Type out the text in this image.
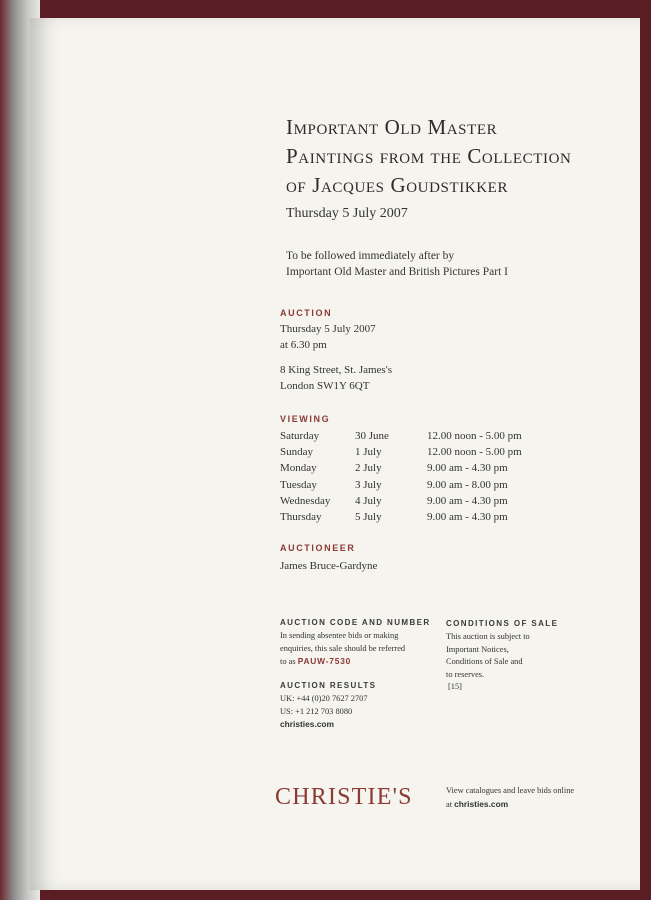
Important Old Master
Paintings from the Collection
of Jacques Goudstikker
Thursday 5 July 2007
To be followed immediately after by
Important Old Master and British Pictures Part I
AUCTION
Thursday 5 July 2007
at 6.30 pm
8 King Street, St. James's
London SW1Y 6QT
VIEWING
Saturday	30 June	12.00 noon - 5.00 pm
Sunday	1 July	12.00 noon - 5.00 pm
Monday	2 July	9.00 am - 4.30 pm
Tuesday	3 July	9.00 am - 8.00 pm
Wednesday	4 July	9.00 am - 4.30 pm
Thursday	5 July	9.00 am - 4.30 pm
AUCTIONEER
James Bruce-Gardyne
AUCTION CODE AND NUMBER
In sending absentee bids or making
enquiries, this sale should be referred
to as PAUW-7530
CONDITIONS OF SALE
This auction is subject to
Important Notices,
Conditions of Sale and
to reserves.
[15]
AUCTION RESULTS
UK: +44 (0)20 7627 2707
US: +1 212 703 8080
christies.com
CHRISTIE'S	View catalogues and leave bids online
at christies.com
